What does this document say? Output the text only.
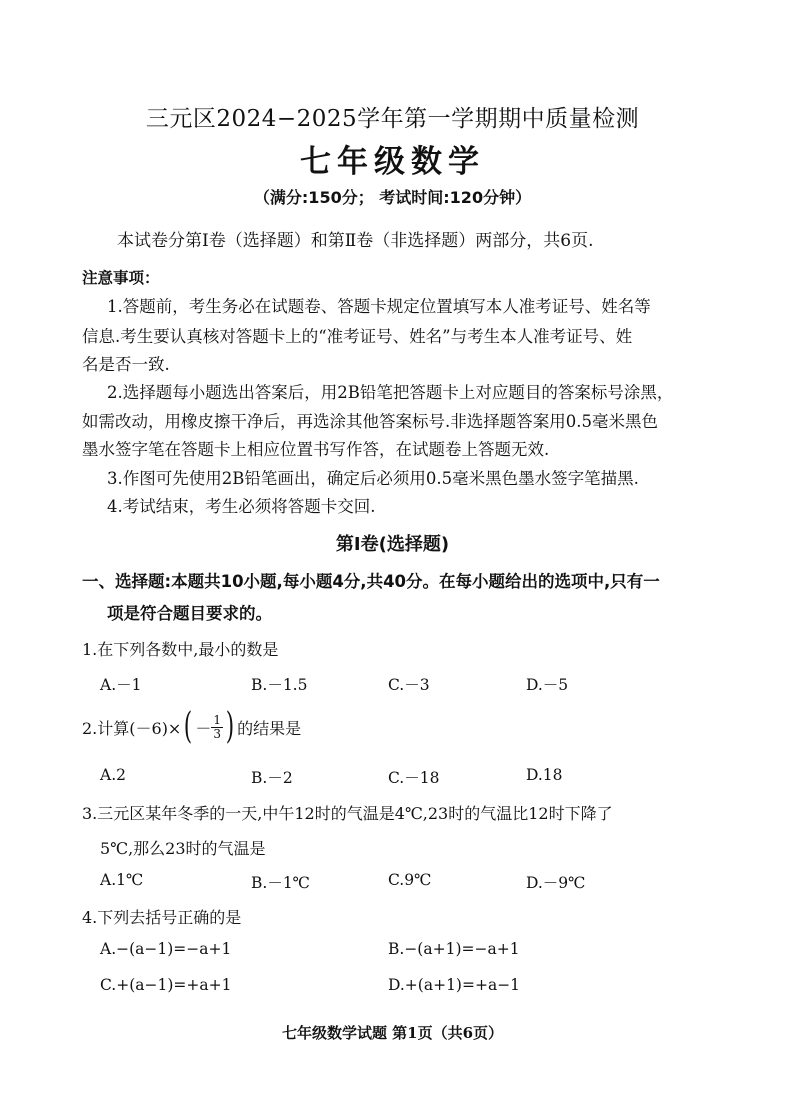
三元区2024−2025学年第一学期期中质量检测
七年级数学
（满分:150分； 考试时间:120分钟）
本试卷分第Ⅰ卷（选择题）和第Ⅱ卷（非选择题）两部分，共6页.
注意事项：
1.答题前，考生务必在试题卷、答题卡规定位置填写本人准考证号、姓名等
信息.考生要认真核对答题卡上的“准考证号、姓名”与考生本人准考证号、姓
名是否一致.
2.选择题每小题选出答案后，用2B铅笔把答题卡上对应题目的答案标号涂黑，
如需改动，用橡皮擦干净后，再选涂其他答案标号.非选择题答案用0.5毫米黑色
墨水签字笔在答题卡上相应位置书写作答，在试题卷上答题无效.
3.作图可先使用2B铅笔画出，确定后必须用0.5毫米黑色墨水签字笔描黑.
4.考试结束，考生必须将答题卡交回.
第Ⅰ卷(选择题)
一、选择题:本题共10小题,每小题4分,共40分。在每小题给出的选项中,只有一
项是符合题目要求的。
1.在下列各数中,最小的数是
A.－1	B.－1.5	C.－3	D.－5
2.计算(－6)× ( － $\frac{1}{3}$ ) 的结果是
A.2	B.－2	C.－18	D.18
3.三元区某年冬季的一天,中午12时的气温是4℃,23时的气温比12时下降了
5℃,那么23时的气温是
A.1℃	B.－1℃	C.9℃	D.－9℃
4.下列去括号正确的是
A.−(a−1)=−a+1	B.−(a+1)=−a+1
C.+(a−1)=+a+1	D.+(a+1)=+a−1
七年级数学试题 第1页（共6页）
